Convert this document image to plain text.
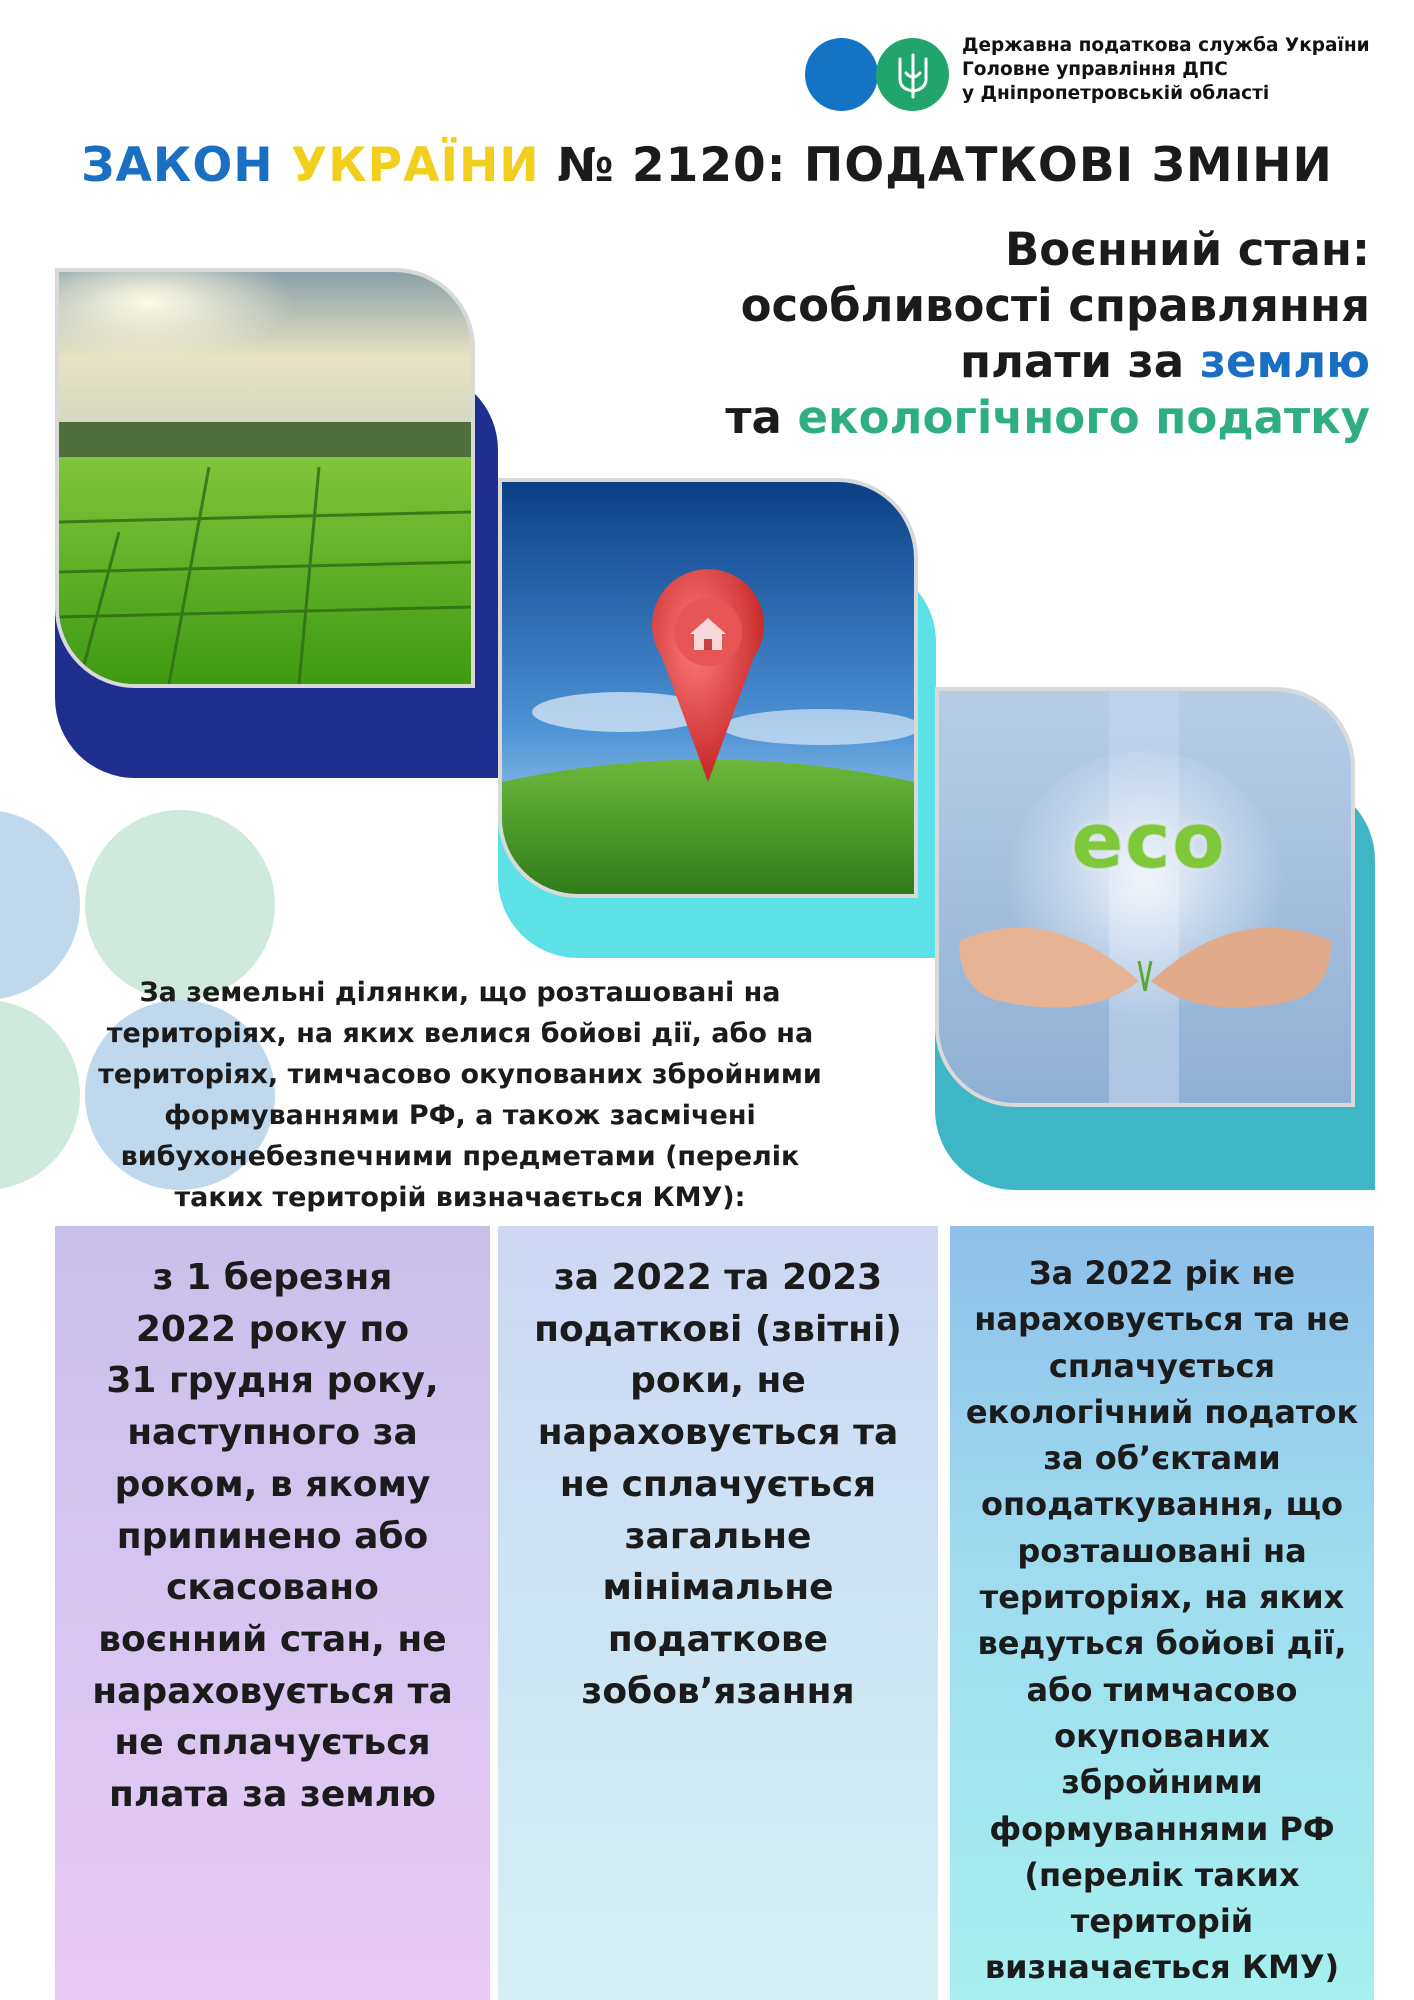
Державна податкова служба України
Головне управління ДПС
у Дніпропетровській області
ЗАКОН УКРАЇНИ № 2120: ПОДАТКОВІ ЗМІНИ
Воєнний стан:
особливості справляння
плати за землю
та екологічного податку
eco
За земельні ділянки, що розташовані на
територіях, на яких велися бойові дії, або на
територіях, тимчасово окупованих збройними
формуваннями РФ, а також засмічені
вибухонебезпечними предметами (перелік
таких територій визначається КМУ):
з 1 березня
2022 року по
31 грудня року,
наступного за
роком, в якому
припинено або
скасовано
воєнний стан, не
нараховується та
не сплачується
плата за землю
за 2022 та 2023
податкові (звітні)
роки, не
нараховується та
не сплачується
загальне
мінімальне
податкове
зобов’язання
За 2022 рік не
нараховується та не
сплачується
екологічний податок
за об’єктами
оподаткування, що
розташовані на
територіях, на яких
ведуться бойові дії,
або тимчасово
окупованих
збройними
формуваннями РФ
(перелік таких
територій
визначається КМУ)
